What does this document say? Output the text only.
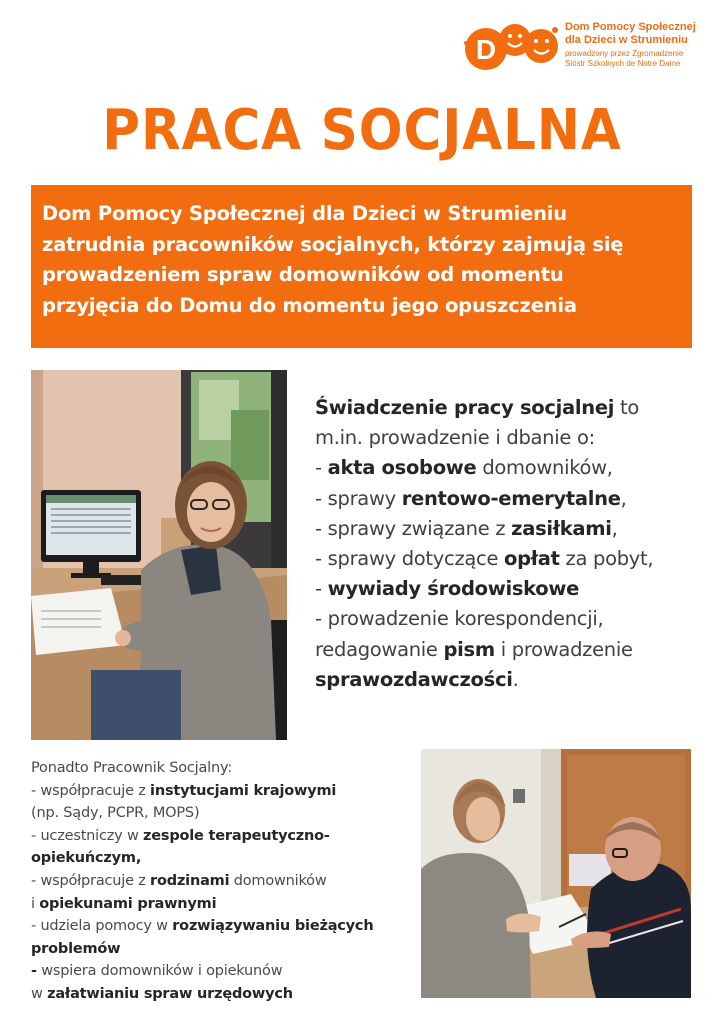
D
Dom Pomocy Społecznej
dla Dzieci w Strumieniu
prowadzony przez Zgromadzenie
Sióstr Szkolnych de Notre Dame
PRACA SOCJALNA
Dom Pomocy Społecznej dla Dzieci w Strumieniu
zatrudnia pracowników socjalnych, którzy zajmują się
prowadzeniem spraw domowników od momentu
przyjęcia do Domu do momentu jego opuszczenia
Świadczenie pracy socjalnej to
m.in. prowadzenie i dbanie o:
- akta osobowe domowników,
- sprawy rentowo-emerytalne,
- sprawy związane z zasiłkami,
- sprawy dotyczące opłat za pobyt,
- wywiady środowiskowe
- prowadzenie korespondencji,
redagowanie pism i prowadzenie
sprawozdawczości.
Ponadto Pracownik Socjalny:
- współpracuje z instytucjami krajowymi
(np. Sądy, PCPR, MOPS)
- uczestniczy w zespole terapeutyczno-
opiekuńczym,
- współpracuje z rodzinami domowników
i opiekunami prawnymi
- udziela pomocy w rozwiązywaniu bieżących
problemów
- wspiera domowników i opiekunów
w załatwianiu spraw urzędowych
